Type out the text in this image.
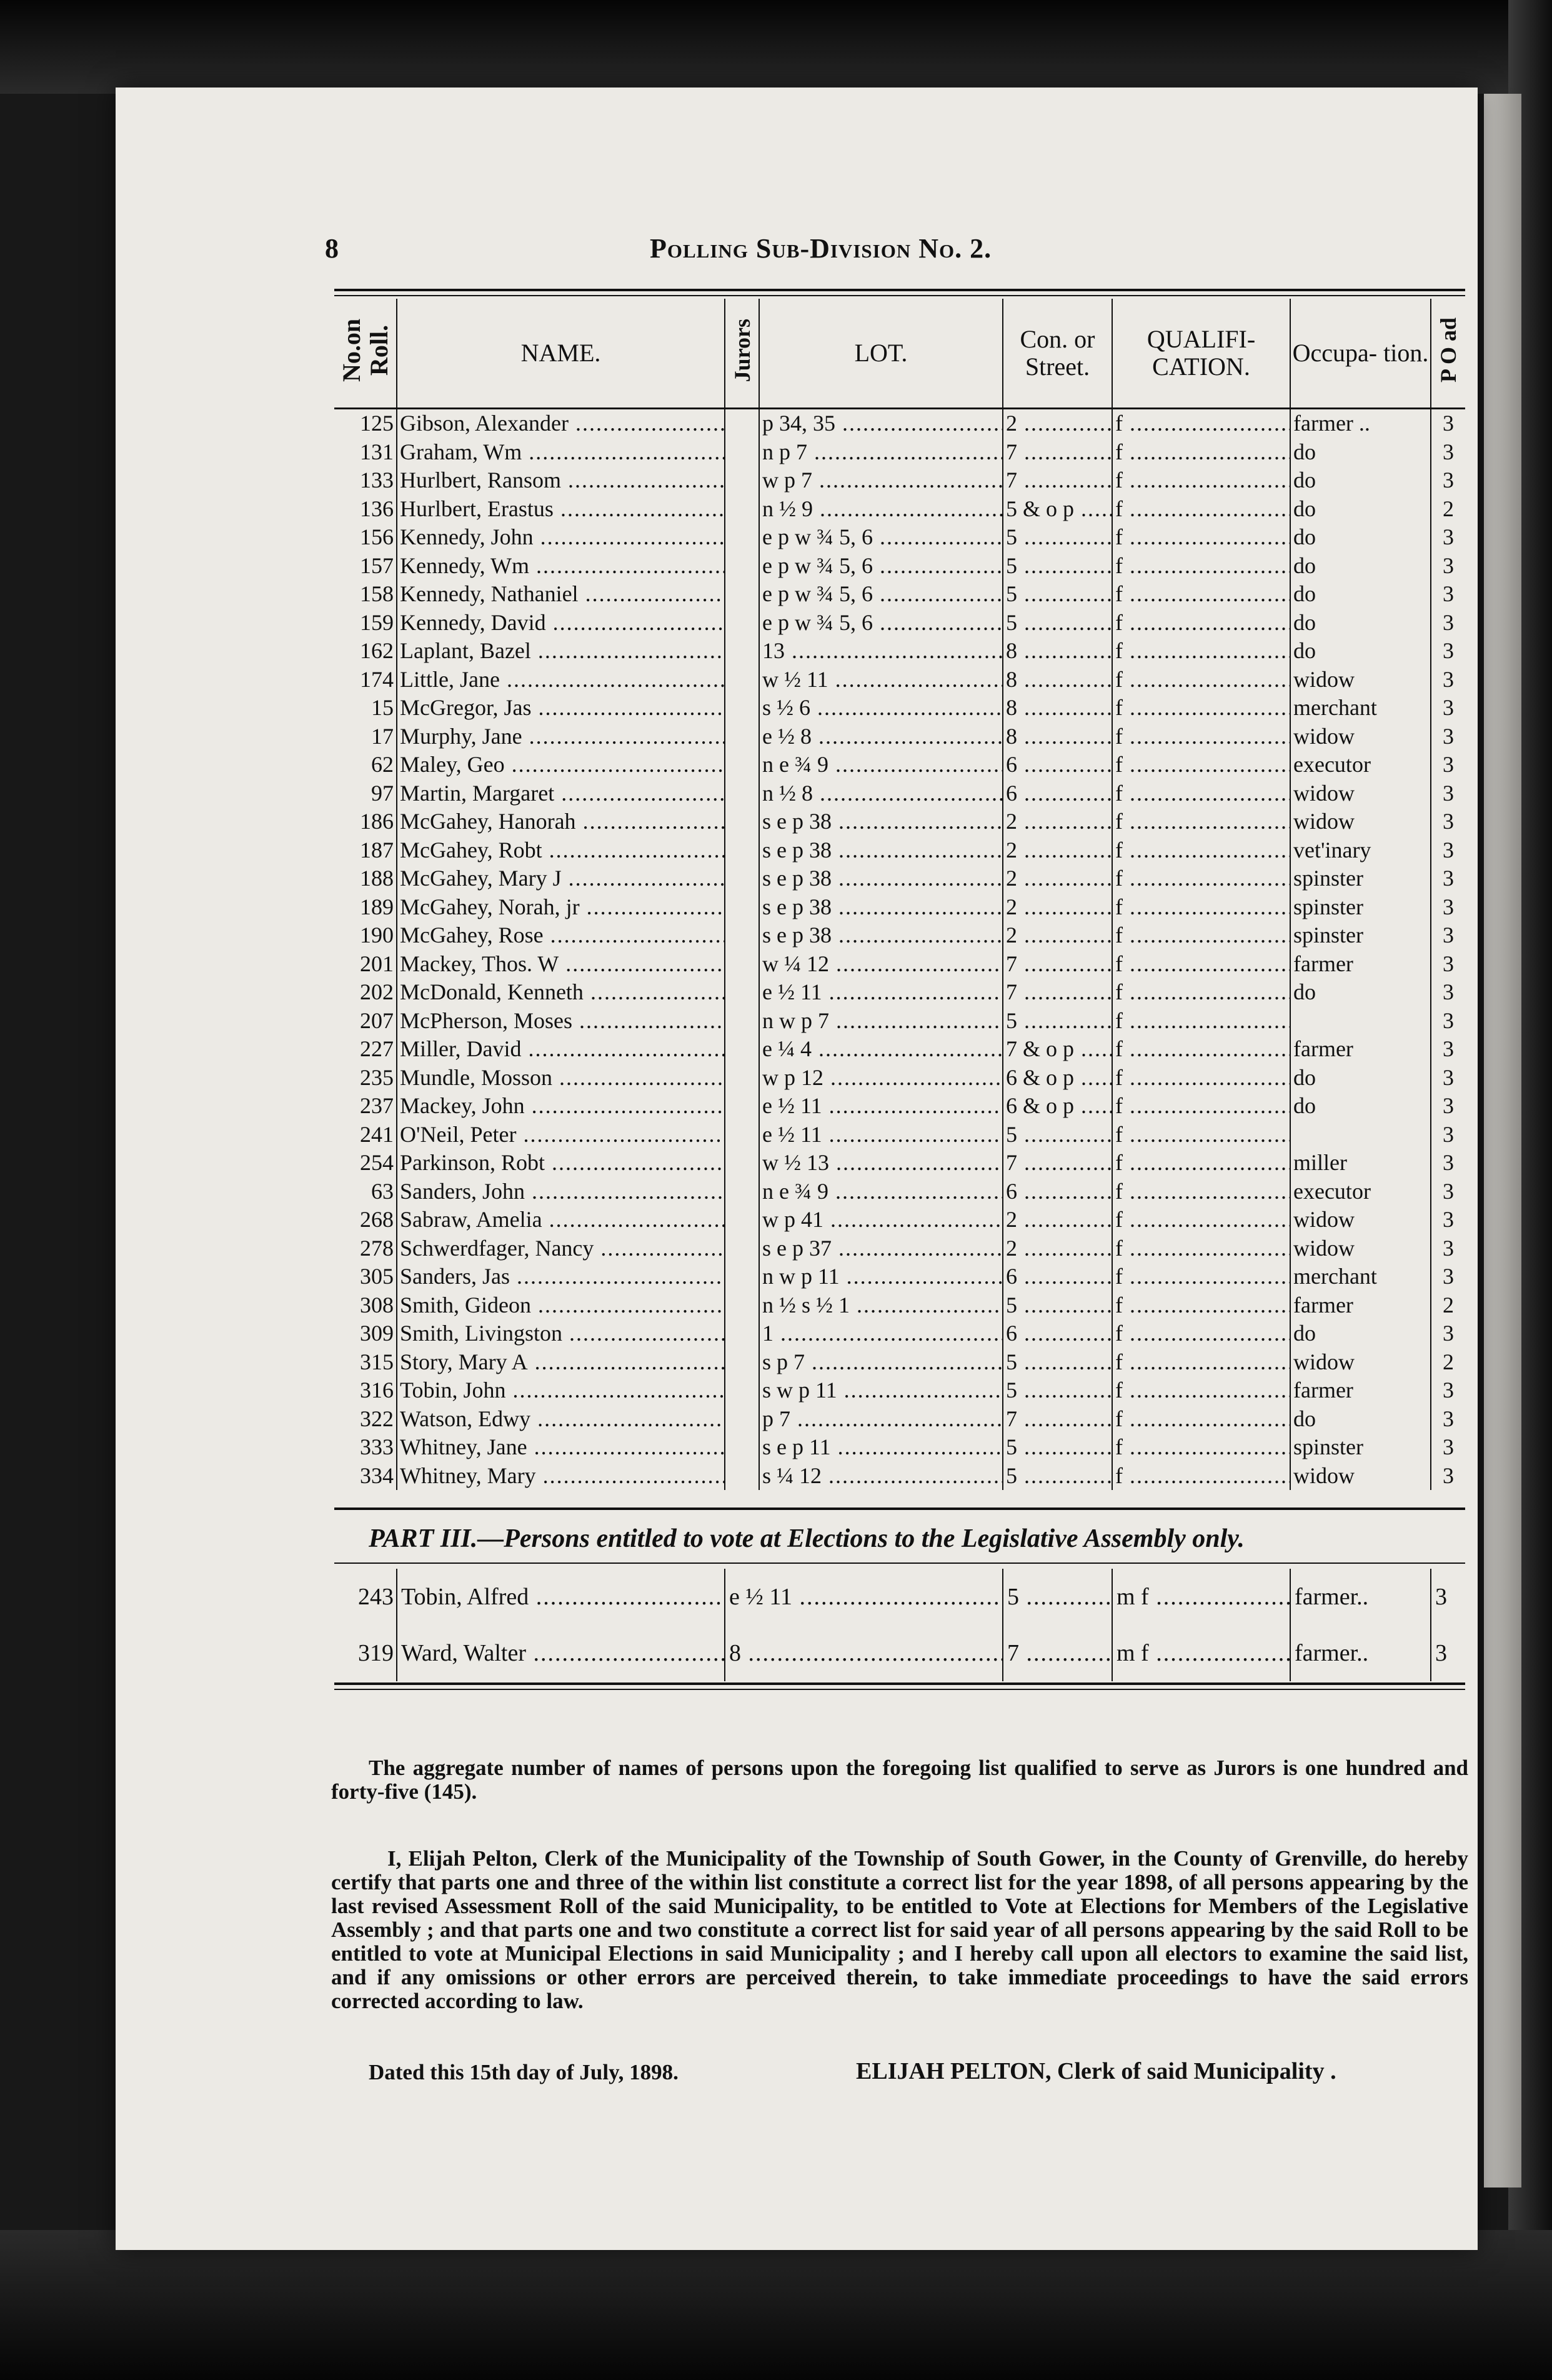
8	Polling Sub-Division No. 2.
No.on Roll.	NAME.	Jurors	LOT.	Con. or Street.	QUALIFI- CATION.	Occupa- tion.	P O ad
125	Gibson, Alexander .....		p 34, 35 .....	2 .....	f .....	farmer ..	3
131	Graham, Wm .....		n p 7 .....	7 .....	f .....	do	3
133	Hurlbert, Ransom .....		w p 7 .....	7 .....	f .....	do	3
136	Hurlbert, Erastus .....		n ½ 9 .....	5 & o p .....	f .....	do	2
156	Kennedy, John .....		e p w ¾ 5, 6 .....	5 .....	f .....	do	3
157	Kennedy, Wm .....		e p w ¾ 5, 6 .....	5 .....	f .....	do	3
158	Kennedy, Nathaniel .....		e p w ¾ 5, 6 .....	5 .....	f .....	do	3
159	Kennedy, David .....		e p w ¾ 5, 6 .....	5 .....	f .....	do	3
162	Laplant, Bazel .....		13 .....	8 .....	f .....	do	3
174	Little, Jane .....		w ½ 11 .....	8 .....	f .....	widow	3
15	McGregor, Jas .....		s ½ 6 .....	8 .....	f .....	merchant	3
17	Murphy, Jane .....		e ½ 8 .....	8 .....	f .....	widow	3
62	Maley, Geo .....		n e ¾ 9 .....	6 .....	f .....	executor	3
97	Martin, Margaret .....		n ½ 8 .....	6 .....	f .....	widow	3
186	McGahey, Hanorah .....		s e p 38 .....	2 .....	f .....	widow	3
187	McGahey, Robt .....		s e p 38 .....	2 .....	f .....	vet'inary	3
188	McGahey, Mary J .....		s e p 38 .....	2 .....	f .....	spinster	3
189	McGahey, Norah, jr .....		s e p 38 .....	2 .....	f .....	spinster	3
190	McGahey, Rose .....		s e p 38 .....	2 .....	f .....	spinster	3
201	Mackey, Thos. W .....		w ¼ 12 .....	7 .....	f .....	farmer	3
202	McDonald, Kenneth .....		e ½ 11 .....	7 .....	f .....	do	3
207	McPherson, Moses .....		n w p 7 .....	5 .....	f .....		3
227	Miller, David .....		e ¼ 4 .....	7 & o p .....	f .....	farmer	3
235	Mundle, Mosson .....		w p 12 .....	6 & o p .....	f .....	do	3
237	Mackey, John .....		e ½ 11 .....	6 & o p .....	f .....	do	3
241	O'Neil, Peter .....		e ½ 11 .....	5 .....	f .....		3
254	Parkinson, Robt .....		w ½ 13 .....	7 .....	f .....	miller	3
63	Sanders, John .....		n e ¾ 9 .....	6 .....	f .....	executor	3
268	Sabraw, Amelia .....		w p 41 .....	2 .....	f .....	widow	3
278	Schwerdfager, Nancy .....		s e p 37 .....	2 .....	f .....	widow	3
305	Sanders, Jas .....		n w p 11 .....	6 .....	f .....	merchant	3
308	Smith, Gideon .....		n ½ s ½ 1 .....	5 .....	f .....	farmer	2
309	Smith, Livingston .....		1 .....	6 .....	f .....	do	3
315	Story, Mary A .....		s p 7 .....	5 .....	f .....	widow	2
316	Tobin, John .....		s w p 11 .....	5 .....	f .....	farmer	3
322	Watson, Edwy .....		p 7 .....	7 .....	f .....	do	3
333	Whitney, Jane .....		s e p 11 .....	5 .....	f .....	spinster	3
334	Whitney, Mary .....		s ¼ 12 .....	5 .....	f .....	widow	3
PART III.—Persons entitled to vote at Elections to the Legislative Assembly only.
243	Tobin, Alfred .....	e ½ 11 .....	5 .....	m f .....	farmer..	3
319	Ward, Walter .....	8 .....	7 .....	m f .....	farmer..	3
The aggregate number of names of persons upon the foregoing list qualified to serve as Jurors is one hundred and forty-five (145).
I, Elijah Pelton, Clerk of the Municipality of the Township of South Gower, in the County of Grenville, do hereby certify that parts one and three of the within list constitute a correct list for the year 1898, of all persons appearing by the last revised Assessment Roll of the said Municipality, to be entitled to Vote at Elections for Members of the Legislative Assembly ; and that parts one and two constitute a correct list for said year of all persons appearing by the said Roll to be entitled to vote at Municipal Elections in said Municipality ; and I hereby call upon all electors to examine the said list, and if any omissions or other errors are perceived therein, to take immediate proceedings to have the said errors corrected according to law.
Dated this 15th day of July, 1898.	ELIJAH PELTON, Clerk of said Municipality .
